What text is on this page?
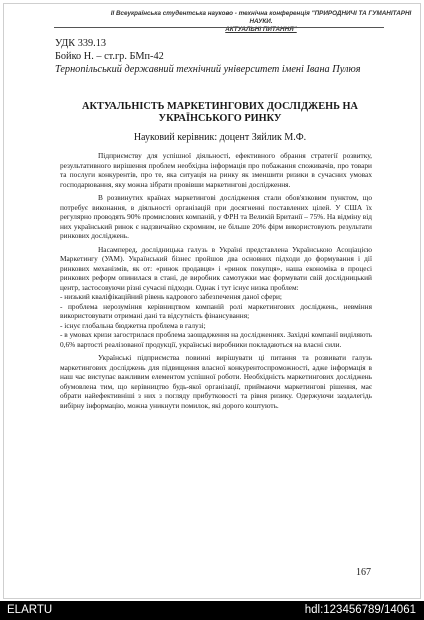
ІІ Всеукраїнська студентська науково - технічна конференція "ПРИРОДНИЧІ ТА ГУМАНІТАРНІ НАУКИ.
АКТУАЛЬНІ ПИТАННЯ"
УДК 339.13
Бойко Н. – ст.гр. БМп-42
Тернопільський державний технічний університет імені Івана Пулюя
АКТУАЛЬНІСТЬ МАРКЕТИНГОВИХ ДОСЛІДЖЕНЬ НА
УКРАЇНСЬКОГО РИНКУ
Науковий керівник: доцент Зяйлик М.Ф.

Підприємству для успішної діяльності, ефективного обрання стратегії розвитку, результативного вирішення проблем необхідна інформація про побажання споживачів, про товари та послуги конкурентів, про те, яка ситуація на ринку як зменшити ризики в сучасних умовах господарювання, яку можна зібрати провівши маркетингові дослідження.

В розвинутих країнах маркетингові дослідження стали обов'язковим пунктом, що потребує виконання, в діяльності організацій при досягненні поставлених цілей. У США їх регулярно проводять 90% промислових компаній, у ФРН та Великій Британії – 75%. На відміну від них український ринок є надзвичайно скромним, не більше 20% фірм використовують результати ринкових досліджень.

Насамперед, дослідницька галузь в Україні представлена Українською Асоціацією Маркетингу (УАМ). Український бізнес пройшов два основних підходи до формування і дії ринкових механізмів, як от: «ринок продавця» і «ринок покупця», наша економіка в процесі ринкових реформ опинилася в стані, де виробник самотужки має формувати свій дослідницький центр, застосовуючи різні сучасні підходи. Однак і тут існує низка проблем:

- низький кваліфікаційний рівень кадрового забезпечення даної сфери;

- проблема нерозуміння керівництвом компаній ролі маркетингових досліджень, невміння використовувати отримані дані та відсутність фінансування;

- існує глобальна бюджетна проблема в галузі;

- в умовах кризи загострилася проблема заощадження на дослідженнях. Західні компанії виділяють 0,6% вартості реалізованої продукції, українські виробники покладаються на власні сили.

Українські підприємства повинні вирішувати ці питання та розвивати галузь маркетингових досліджень для підвищення власної конкурентоспроможності, адже інформація в наш час виступає важливим елементом успішної роботи. Необхідність маркетингових досліджень обумовлена тим, що керівництво будь-якої організації, приймаючи маркетингові рішення, має обрати найефективніші з них з погляду прибутковості та рівня ризику. Одержуючи заздалегідь вибірну інформацію, можна уникнути помилок, які дорого коштують.

167
ELARTU	hdl:123456789/14061
